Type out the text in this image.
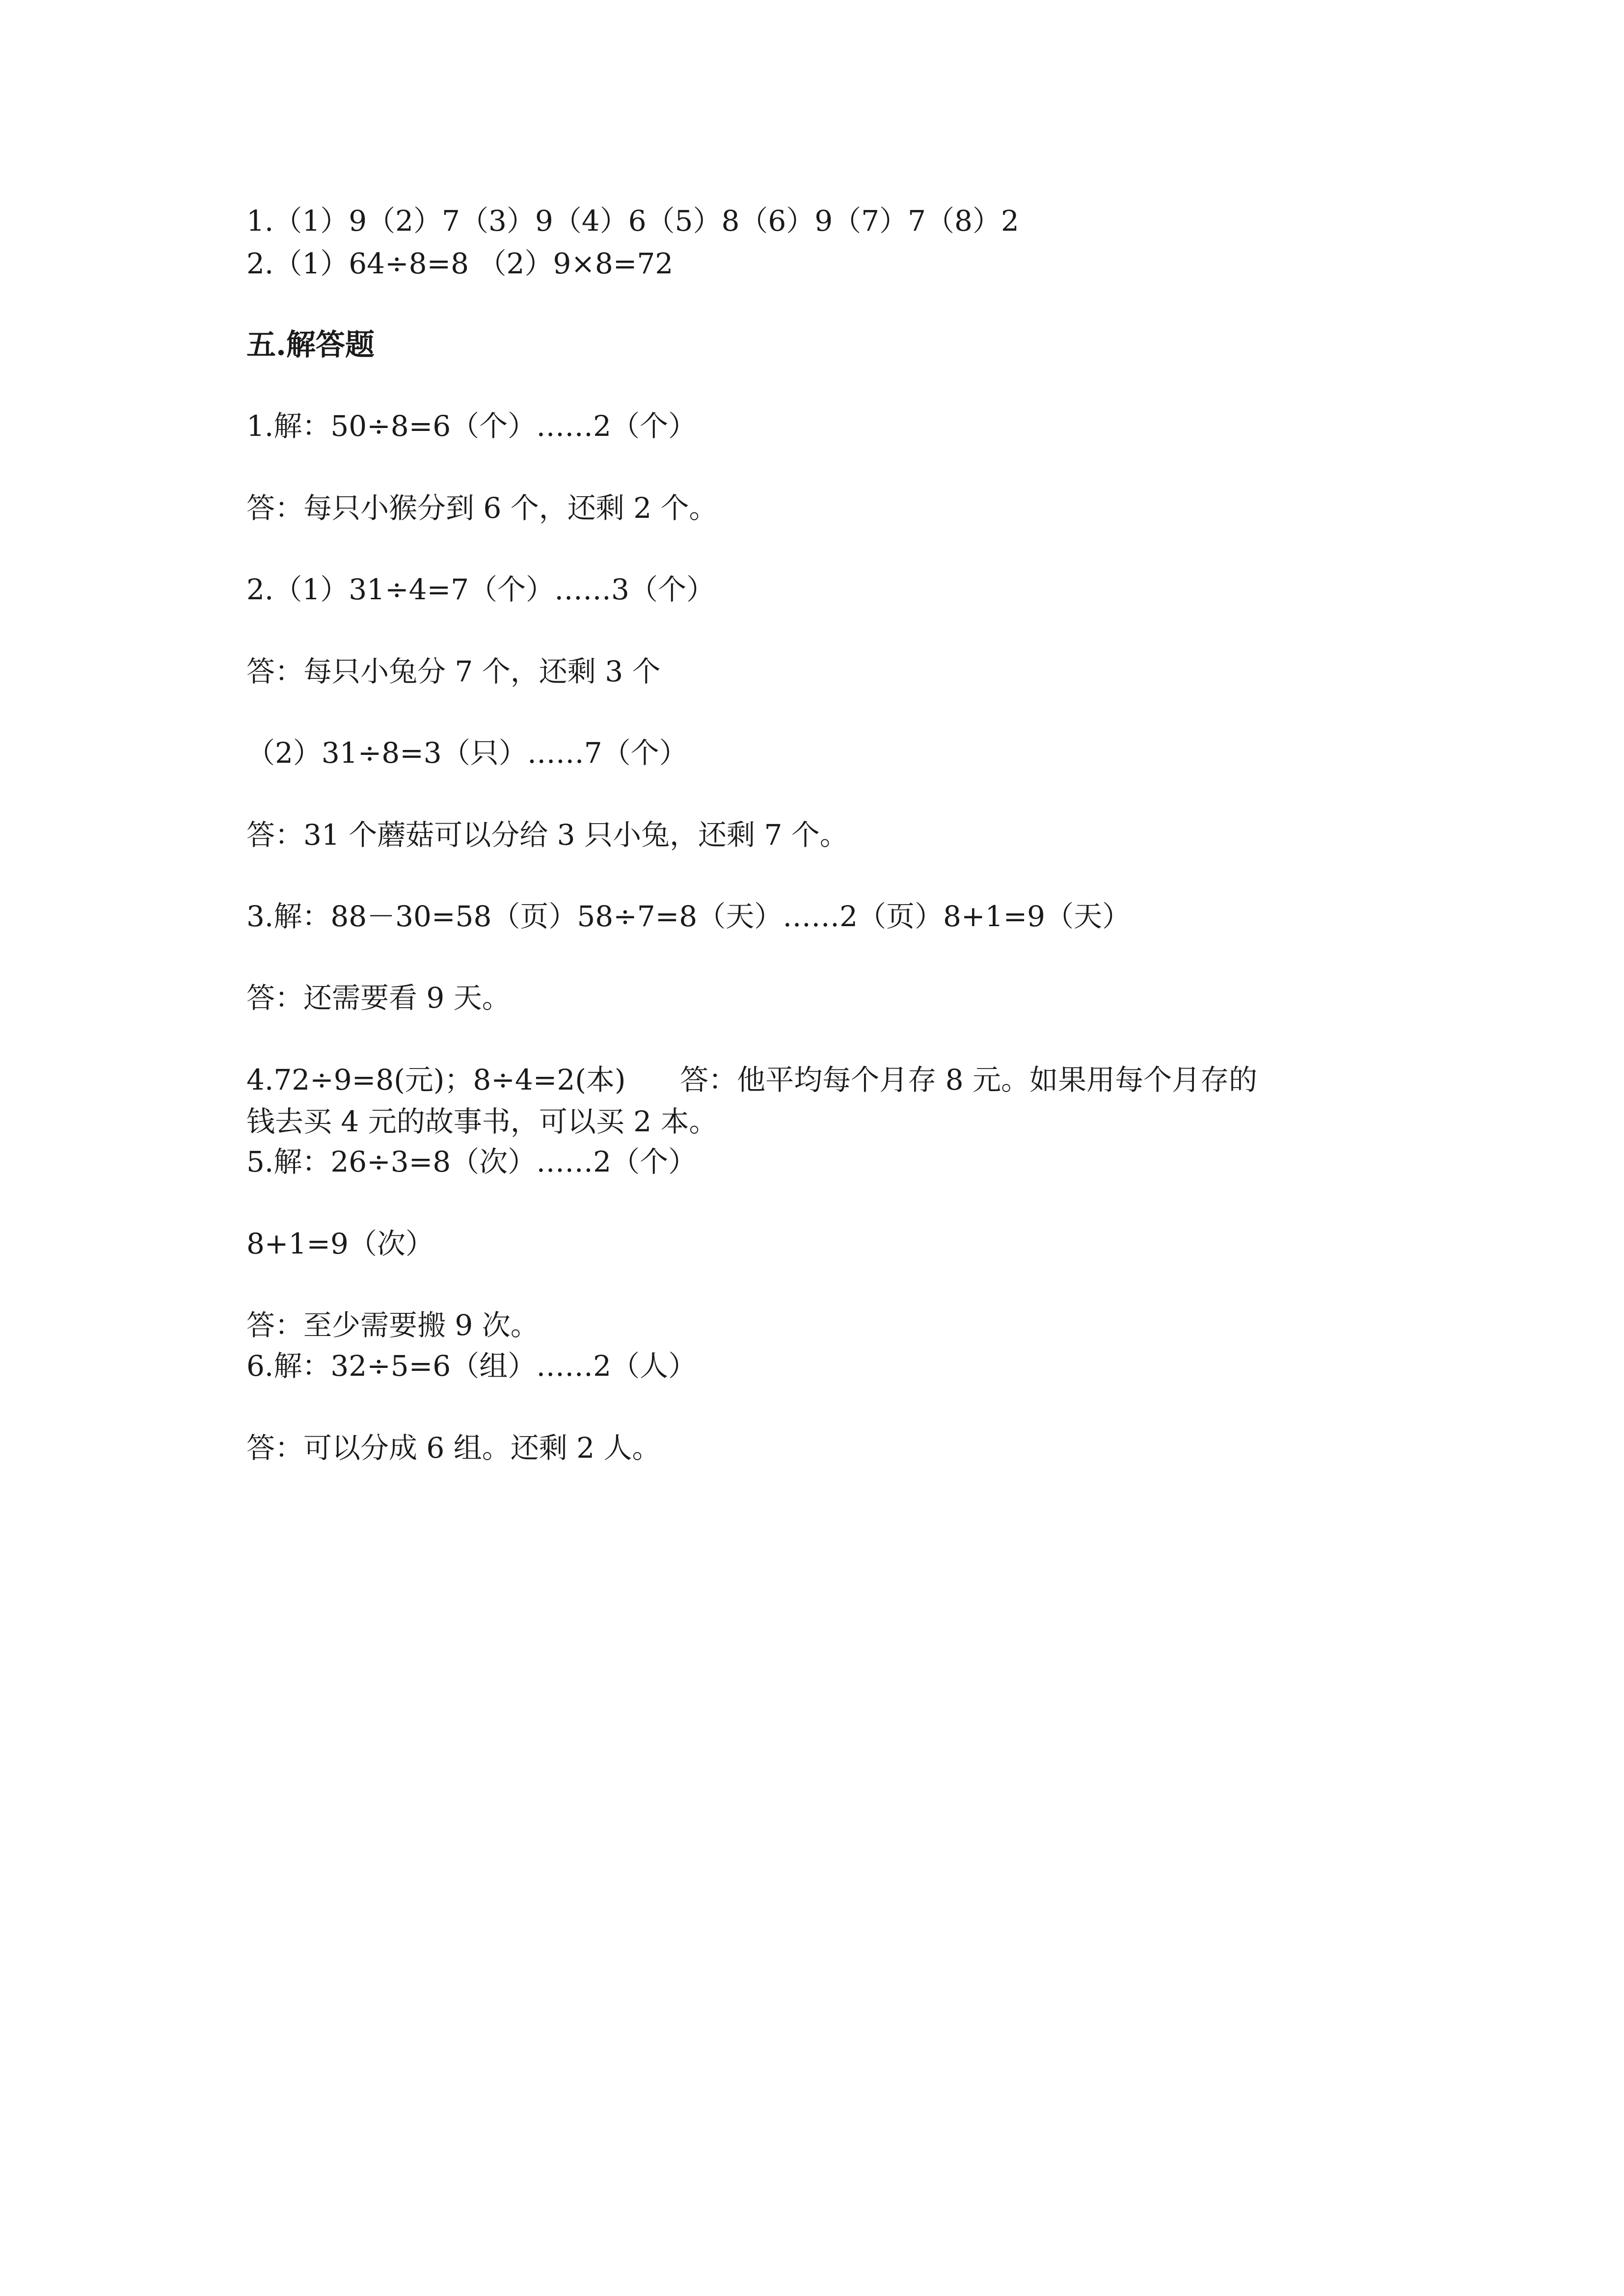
1.（1）9（2）7（3）9（4）6（5）8（6）9（7）7（8）2
2.（1）64÷8=8 （2）9×8=72
五.解答题
1.解：50÷8=6（个）……2（个）
答：每只小猴分到 6 个，还剩 2 个。
2.（1）31÷4=7（个）……3（个）
答：每只小兔分 7 个，还剩 3 个
（2）31÷8=3（只）……7（个）
答：31 个蘑菇可以分给 3 只小兔，还剩 7 个。
3.解：88－30=58（页）58÷7=8（天）……2（页）8+1=9（天）
答：还需要看 9 天。
4.72÷9=8(元)；8÷4=2(本)      答：他平均每个月存 8 元。如果用每个月存的
钱去买 4 元的故事书，可以买 2 本。
5.解：26÷3=8（次）……2（个）
8+1=9（次）
答：至少需要搬 9 次。
6.解：32÷5=6（组）……2（人）
答：可以分成 6 组。还剩 2 人。
